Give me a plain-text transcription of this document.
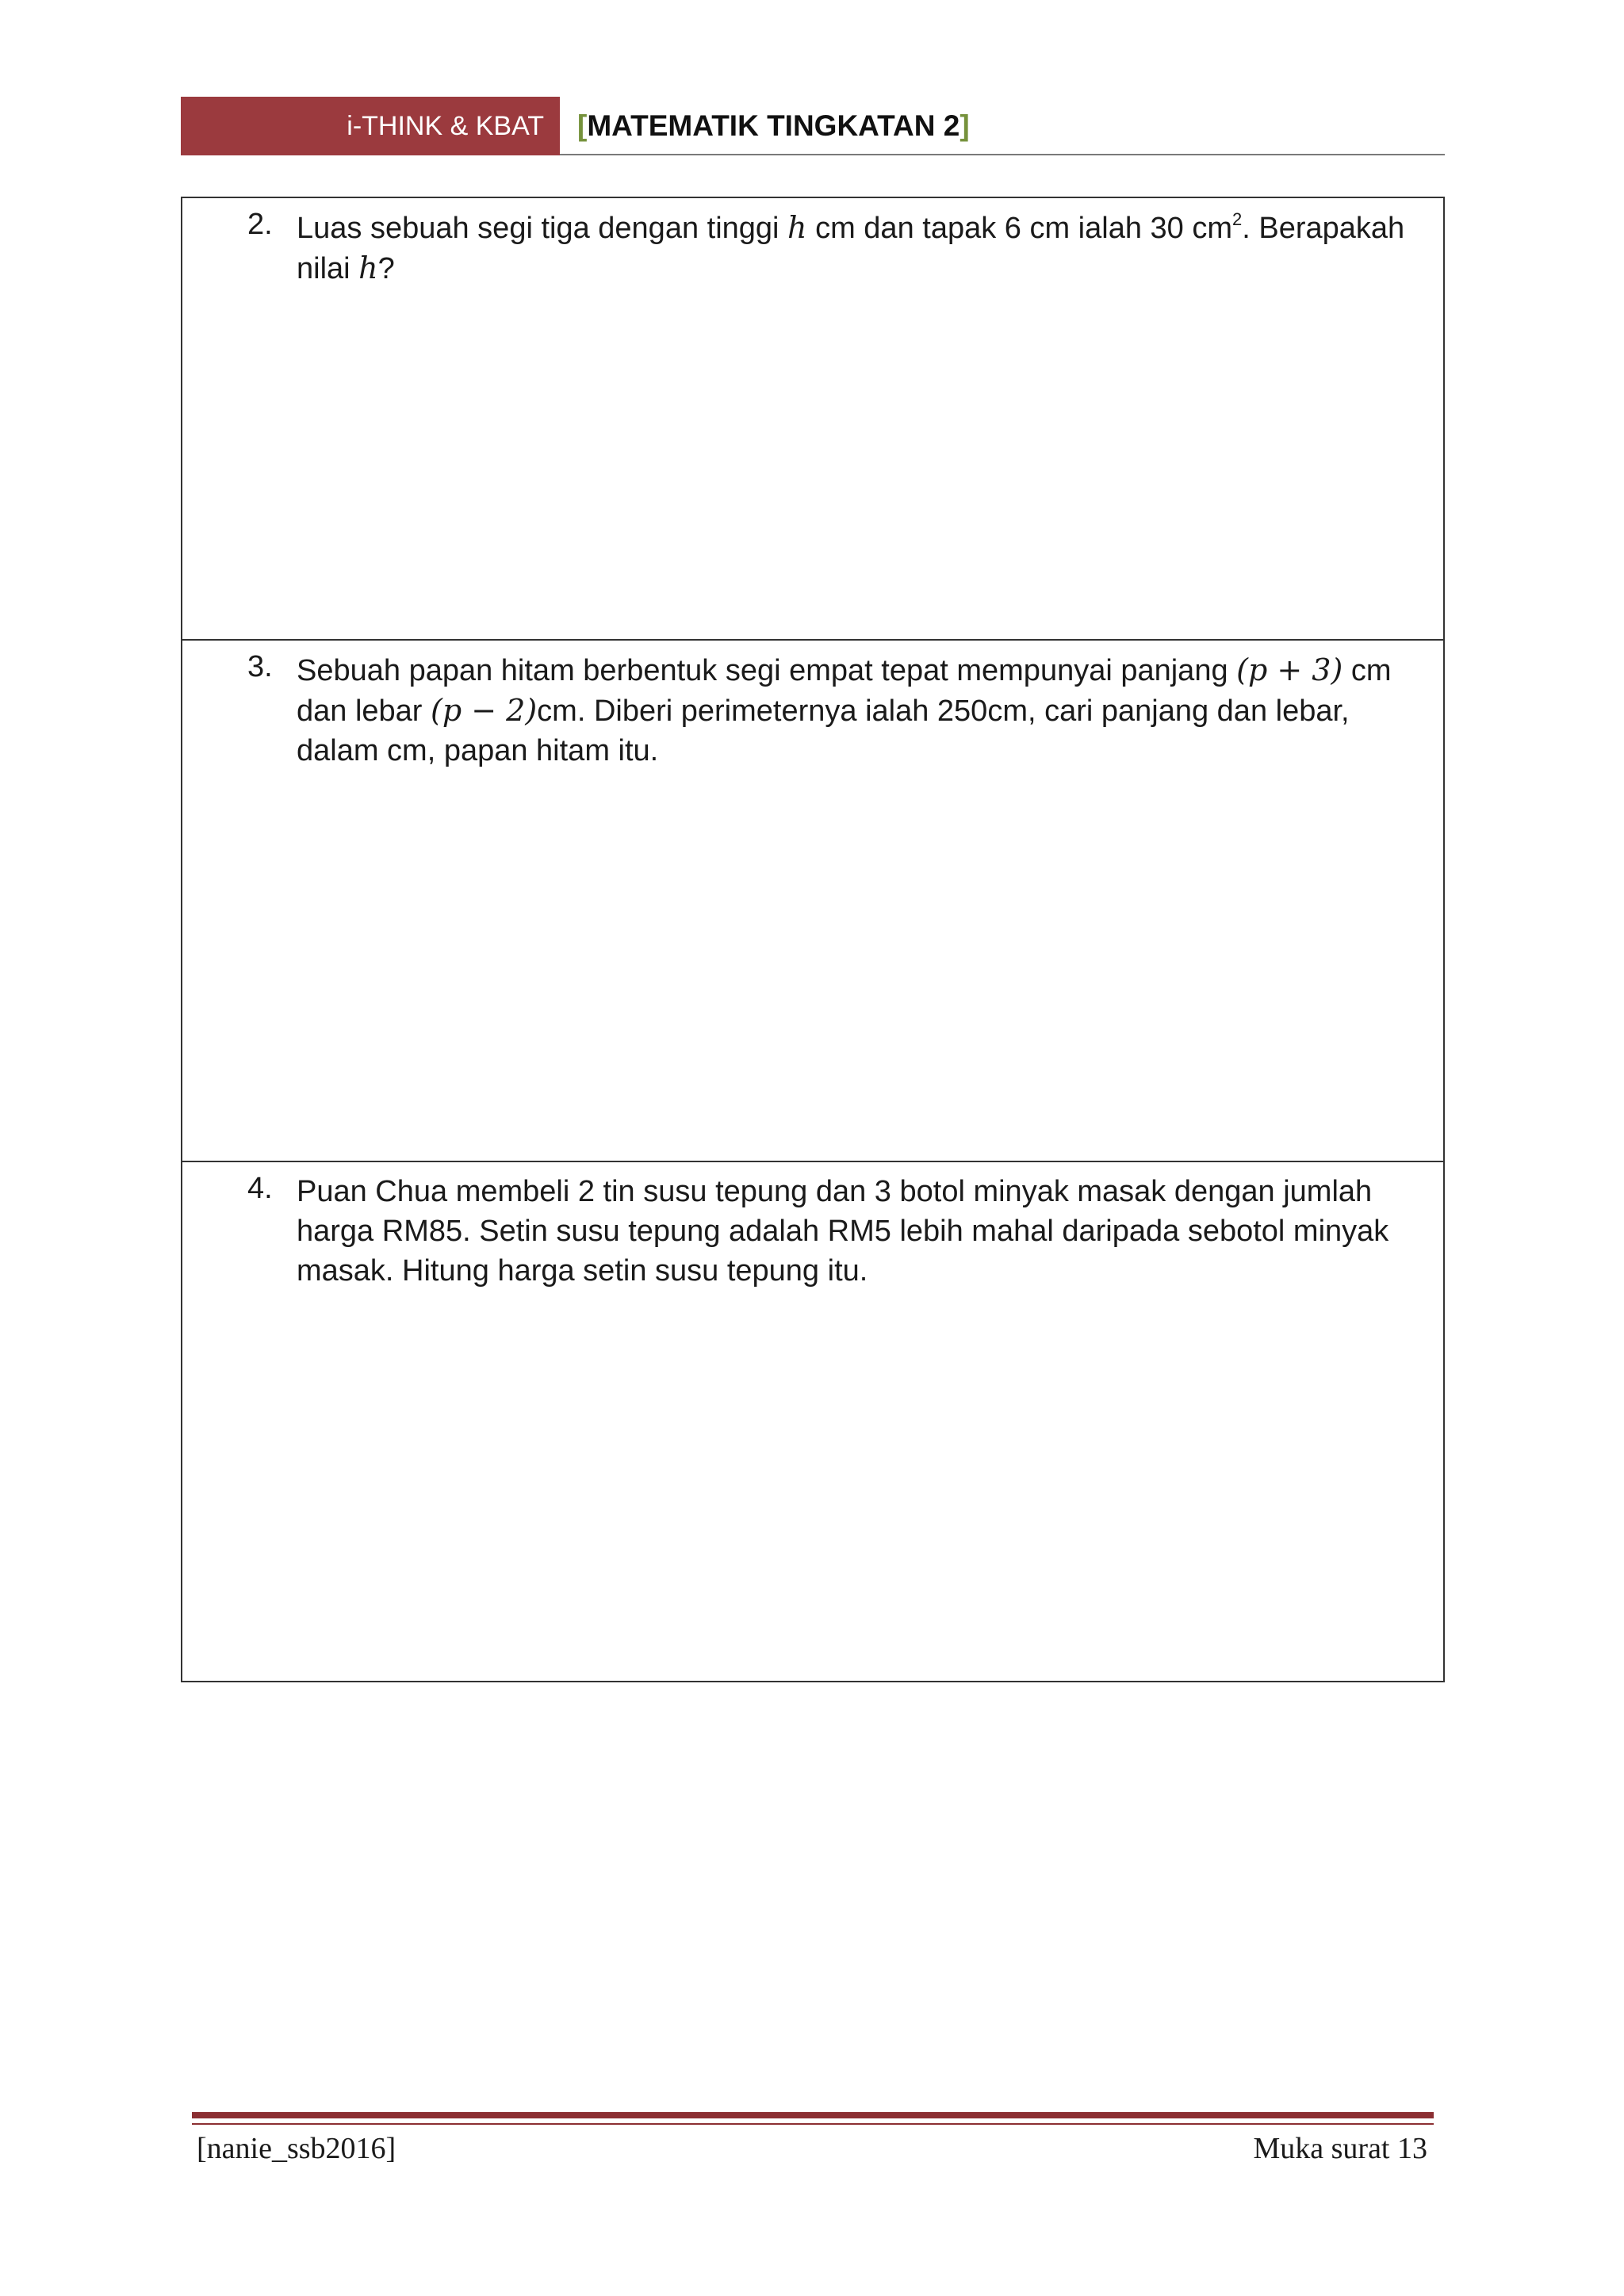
i-THINK & KBAT	[ MATEMATIK TINGKATAN 2 ]
2. Luas sebuah segi tiga dengan tinggi h cm dan tapak 6 cm ialah 30 $cm^2$. Berapakah nilai h?
3. Sebuah papan hitam berbentuk segi empat tepat mempunyai panjang (p + 3) cm dan lebar (p − 2)cm. Diberi perimeternya ialah 250cm, cari panjang dan lebar, dalam cm, papan hitam itu.
4. Puan Chua membeli 2 tin susu tepung dan 3 botol minyak masak dengan jumlah harga RM85. Setin susu tepung adalah RM5 lebih mahal daripada sebotol minyak masak. Hitung harga setin susu tepung itu.
[nanie_ssb2016]	Muka surat 13
